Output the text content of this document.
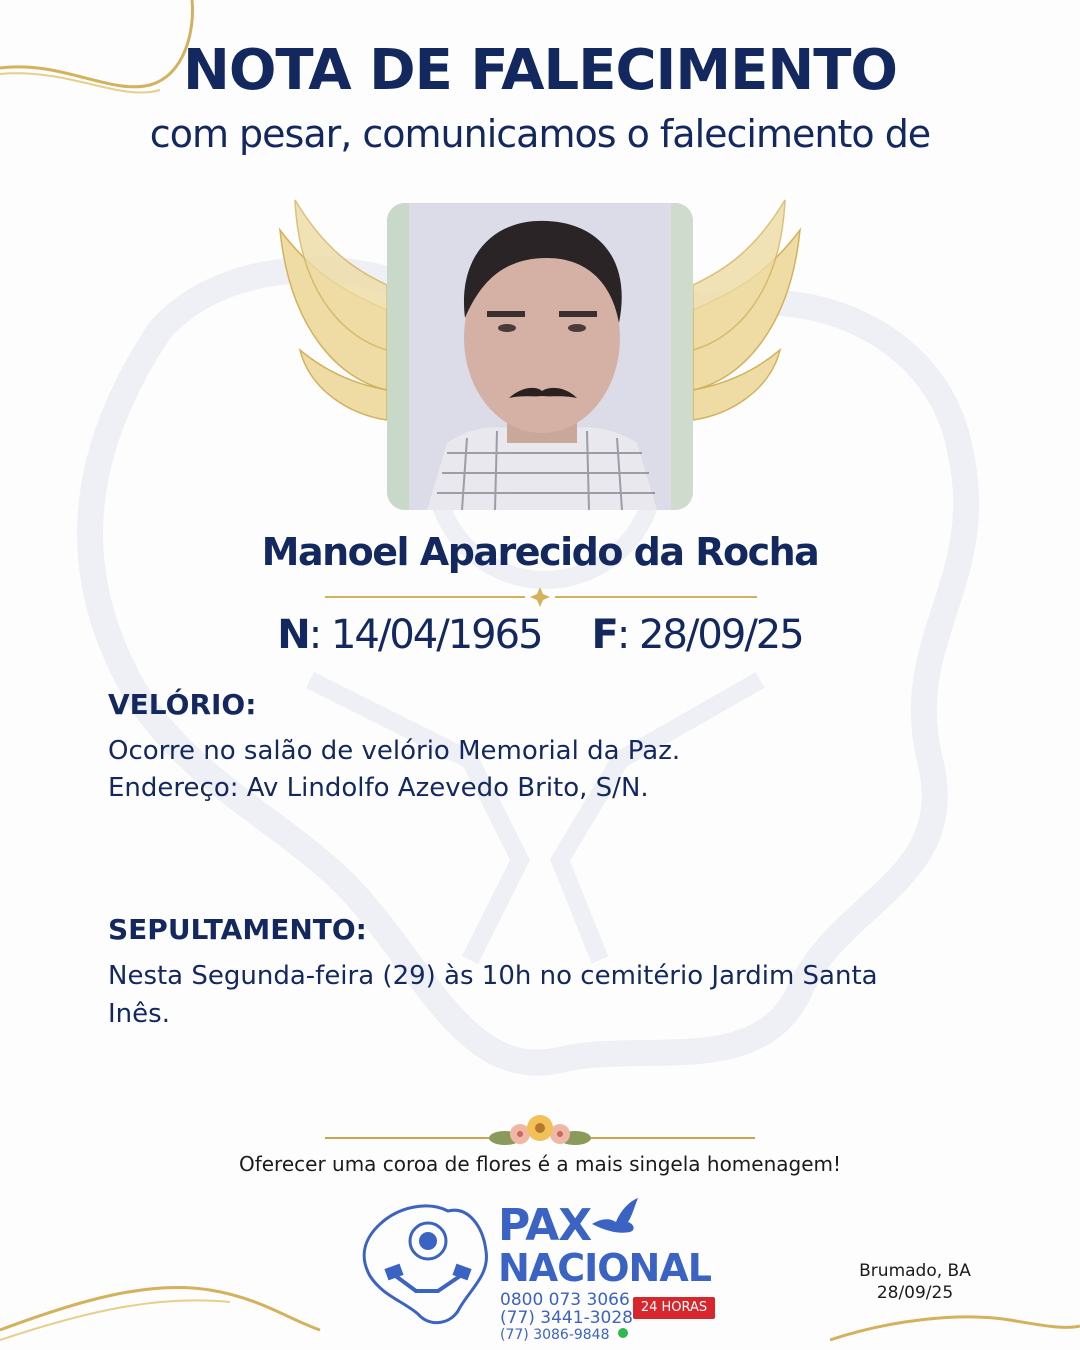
NOTA DE FALECIMENTO
com pesar, comunicamos o falecimento de
Manoel Aparecido da Rocha
N: 14/04/1965 F: 28/09/25
VELÓRIO:
Ocorre no salão de velório Memorial da Paz.
Endereço: Av Lindolfo Azevedo Brito, S/N.
SEPULTAMENTO:
Nesta Segunda-feira (29) às 10h no cemitério Jardim Santa Inês.
Oferecer uma coroa de flores é a mais singela homenagem!
PAX
NACIONAL
0800 073 3066
(77) 3441-3028
(77) 3086-9848
24 HORAS
Brumado, BA
28/09/25
